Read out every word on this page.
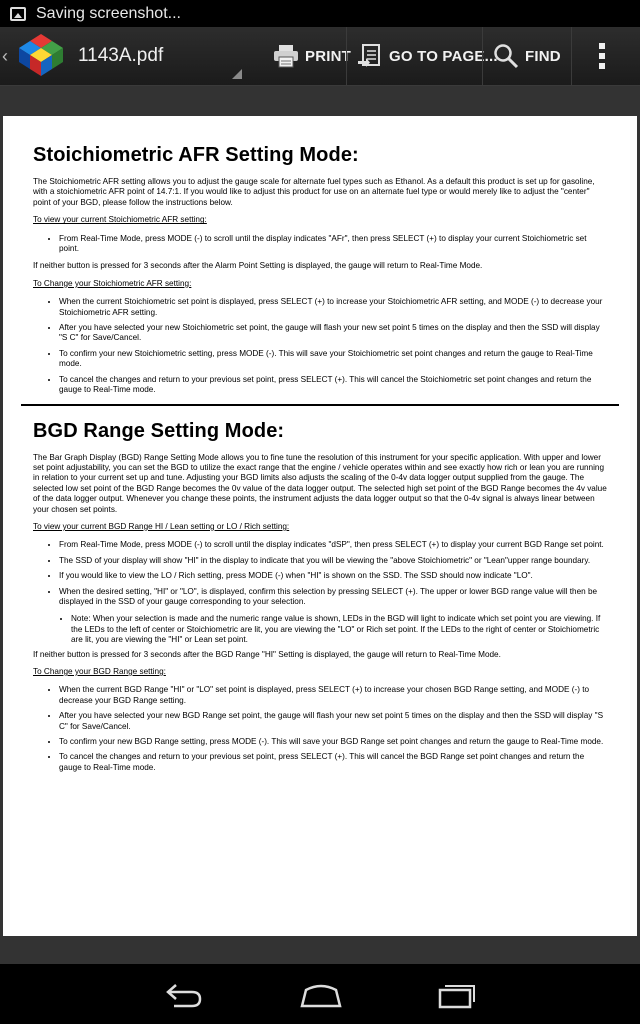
Saving screenshot...
‹	1143A.pdf	PRINT	GO TO PAGE... FIND
Stoichiometric AFR Setting Mode:

The Stoichiometric AFR setting allows you to adjust the gauge scale for alternate fuel types such as Ethanol. As a default this product is set up for gasoline, with a stoichiometric AFR point of 14.7:1. If you would like to adjust this product for use on an alternate fuel type or would merely like to adjust the "center" point of your BGD, please follow the instructions below.

To view your current Stoichiometric AFR setting:

• From Real-Time Mode, press MODE (-) to scroll until the display indicates "AFr", then press SELECT (+) to display your current Stoichiometric set point.

If neither button is pressed for 3 seconds after the Alarm Point Setting is displayed, the gauge will return to Real-Time Mode.

To Change your Stoichiometric AFR setting:

• When the current Stoichiometric set point is displayed, press SELECT (+) to increase your Stoichiometric AFR setting, and MODE (-) to decrease your Stoichiometric AFR setting.
• After you have selected your new Stoichiometric set point, the gauge will flash your new set point 5 times on the display and then the SSD will display "S C" for Save/Cancel.
• To confirm your new Stoichiometric setting, press MODE (-). This will save your Stoichiometric set point changes and return the gauge to Real-Time mode.
• To cancel the changes and return to your previous set point, press SELECT (+). This will cancel the Stoichiometric set point changes and return the gauge to Real-Time mode.
BGD Range Setting Mode:

The Bar Graph Display (BGD) Range Setting Mode allows you to fine tune the resolution of this instrument for your specific application. With upper and lower set point adjustability, you can set the BGD to utilize the exact range that the engine / vehicle operates within and see exactly how rich or lean you are running in relation to your current set up and tune. Adjusting your BGD limits also adjusts the scaling of the 0-4v data logger output supplied from the gauge. The selected low set point of the BGD Range becomes the 0v value of the data logger output. The selected high set point of the BGD Range becomes the 4v value of the data logger output. Whenever you change these points, the instrument adjusts the data logger output so that the 0-4v signal is always linear between your chosen set points.

To view your current BGD Range HI / Lean setting or LO / Rich setting:

• From Real-Time Mode, press MODE (-) to scroll until the display indicates "dSP", then press SELECT (+) to display your current BGD Range set point.
• The SSD of your display will show "HI" in the display to indicate that you will be viewing the "above Stoichiometric" or "Lean"upper range boundary.
• If you would like to view the LO / Rich setting, press MODE (-) when "HI" is shown on the SSD. The SSD should now indicate "LO".
• When the desired setting, "HI" or "LO", is displayed, confirm this selection by pressing SELECT (+). The upper or lower BGD range value will then be displayed in the SSD of your gauge corresponding to your selection.
• Note: When your selection is made and the numeric range value is shown, LEDs in the BGD will light to indicate which set point you are viewing. If the LEDs to the left of center or Stoichiometric are lit, you are viewing the "LO" or Rich set point. If the LEDs to the right of center or Stoichiometric are lit, you are viewing the "HI" or Lean set point.

If neither button is pressed for 3 seconds after the BGD Range "HI" Setting is displayed, the gauge will return to Real-Time Mode.

To Change your BGD Range setting:

• When the current BGD Range "HI" or "LO" set point is displayed, press SELECT (+) to increase your chosen BGD Range setting, and MODE (-) to decrease your BGD Range setting.
• After you have selected your new BGD Range set point, the gauge will flash your new set point 5 times on the display and then the SSD will display "S C" for Save/Cancel.
• To confirm your new BGD Range setting, press MODE (-). This will save your BGD Range set point changes and return the gauge to Real-Time mode.
• To cancel the changes and return to your previous set point, press SELECT (+). This will cancel the BGD Range set point changes and return the gauge to Real-Time mode.
